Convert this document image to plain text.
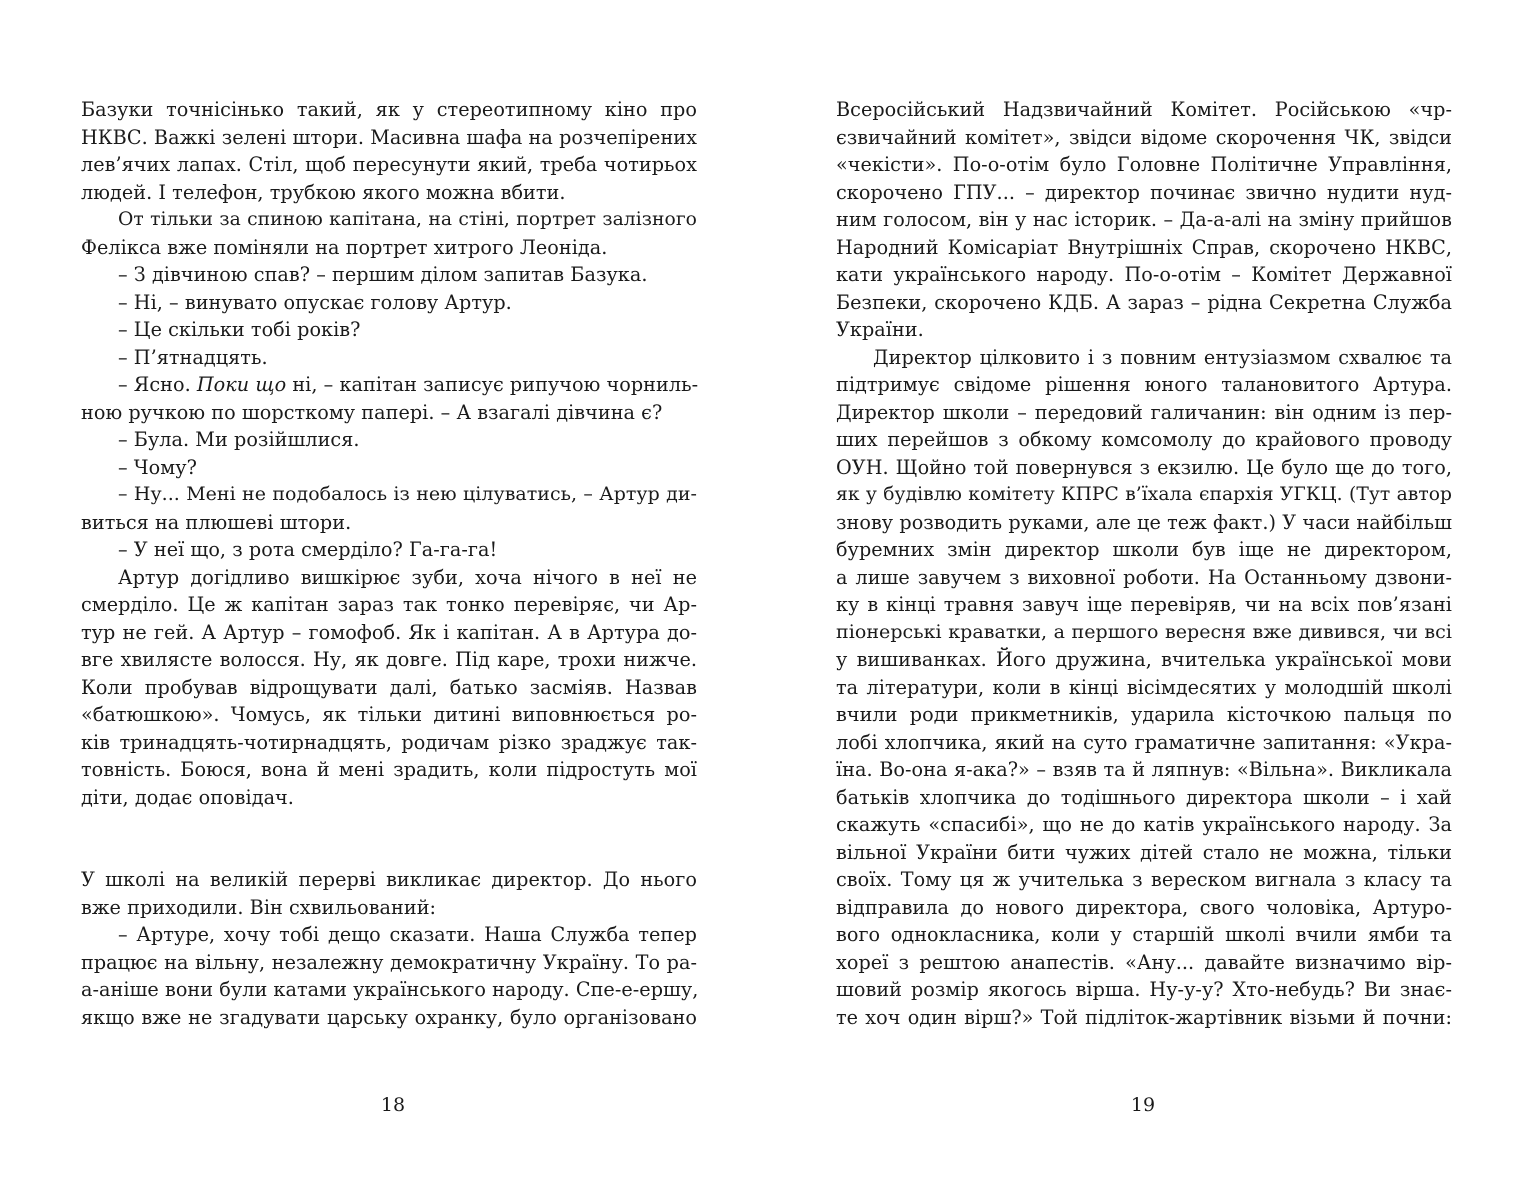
Базуки точнісінько такий, як у стереотипному кіно про
НКВС. Важкі зелені штори. Масивна шафа на розчепірених
лев’ячих лапах. Стіл, щоб пересунути який, треба чотирьох
людей. І телефон, трубкою якого можна вбити.
От тільки за спиною капітана, на стіні, портрет залізного
Фелікса вже поміняли на портрет хитрого Леоніда.
– З дівчиною спав? – першим ділом запитав Базука.
– Ні, – винувато опускає голову Артур.
– Це скільки тобі років?
– П’ятнадцять.
– Ясно. Поки що ні, – капітан записує рипучою чорниль-
ною ручкою по шорсткому папері. – А взагалі дівчина є?
– Була. Ми розійшлися.
– Чому?
– Ну... Мені не подобалось із нею цілуватись, – Артур ди-
виться на плюшеві штори.
– У неї що, з рота смерділо? Га-га-га!
Артур догідливо вишкірює зуби, хоча нічого в неї не
смерділо. Це ж капітан зараз так тонко перевіряє, чи Ар-
тур не гей. А Артур – гомофоб. Як і капітан. А в Артура до-
вге хвилясте волосся. Ну, як довге. Під каре, трохи нижче.
Коли пробував відрощувати далі, батько засміяв. Назвав
«батюшкою». Чомусь, як тільки дитині виповнюється ро-
ків тринадцять-чотирнадцять, родичам різко зраджує так-
товність. Боюся, вона й мені зрадить, коли підростуть мої
діти, додає оповідач.
У школі на великій перерві викликає директор. До нього
вже приходили. Він схвильований:
– Артуре, хочу тобі дещо сказати. Наша Служба тепер
працює на вільну, незалежну демократичну Україну. То ра-
а-аніше вони були катами українського народу. Спе-е-ершу,
якщо вже не згадувати царську охранку, було організовано
Всеросійський Надзвичайний Комітет. Російською «чр-
єзвичайний комітет», звідси відоме скорочення ЧК, звідси
«чекісти». По-о-отім було Головне Політичне Управління,
скорочено ГПУ... – директор починає звично нудити нуд-
ним голосом, він у нас історик. – Да-а-алі на зміну прийшов
Народний Комісаріат Внутрішніх Справ, скорочено НКВС,
кати українського народу. По-о-отім – Комітет Державної
Безпеки, скорочено КДБ. А зараз – рідна Секретна Служба
України.
Директор цілковито і з повним ентузіазмом схвалює та
підтримує свідоме рішення юного талановитого Артура.
Директор школи – передовий галичанин: він одним із пер-
ших перейшов з обкому комсомолу до крайового проводу
ОУН. Щойно той повернувся з екзилю. Це було ще до того,
як у будівлю комітету КПРС в’їхала єпархія УГКЦ. (Тут автор
знову розводить руками, але це теж факт.) У часи найбільш
буремних змін директор школи був іще не директором,
а лише завучем з виховної роботи. На Останньому дзвони-
ку в кінці травня завуч іще перевіряв, чи на всіх пов’язані
піонерські краватки, а першого вересня вже дивився, чи всі
у вишиванках. Його дружина, вчителька української мови
та літератури, коли в кінці вісімдесятих у молодшій школі
вчили роди прикметників, ударила кісточкою пальця по
лобі хлопчика, який на суто граматичне запитання: «Укра-
їна. Во-она я-ака?» – взяв та й ляпнув: «Вільна». Викликала
батьків хлопчика до тодішнього директора школи – і хай
скажуть «спасибі», що не до катів українського народу. За
вільної України бити чужих дітей стало не можна, тільки
своїх. Тому ця ж учителька з вереском вигнала з класу та
відправила до нового директора, свого чоловіка, Артуро-
вого однокласника, коли у старшій школі вчили ямби та
хореї з рештою анапестів. «Ану... давайте визначимо вір-
шовий розмір якогось вірша. Ну-у-у? Хто-небудь? Ви знає-
те хоч один вірш?» Той підліток-жартівник візьми й почни:
18	19
